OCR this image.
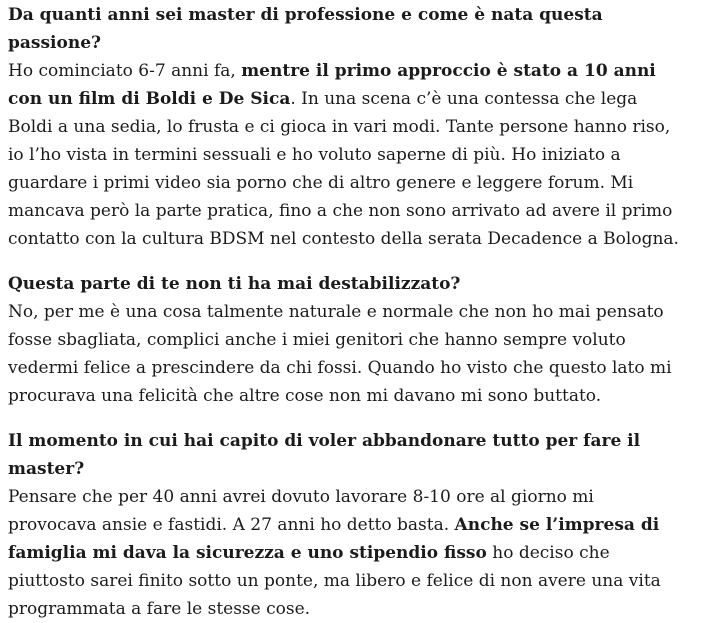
Da quanti anni sei master di professione e come è nata questa passione?

Ho cominciato 6-7 anni fa, mentre il primo approccio è stato a 10 anni con un film di Boldi e De Sica. In una scena c’è una contessa che lega Boldi a una sedia, lo frusta e ci gioca in vari modi. Tante persone hanno riso, io l’ho vista in termini sessuali e ho voluto saperne di più. Ho iniziato a guardare i primi video sia porno che di altro genere e leggere forum. Mi mancava però la parte pratica, fino a che non sono arrivato ad avere il primo contatto con la cultura BDSM nel contesto della serata Decadence a Bologna.

Questa parte di te non ti ha mai destabilizzato?

No, per me è una cosa talmente naturale e normale che non ho mai pensato fosse sbagliata, complici anche i miei genitori che hanno sempre voluto vedermi felice a prescindere da chi fossi. Quando ho visto che questo lato mi procurava una felicità che altre cose non mi davano mi sono buttato.

Il momento in cui hai capito di voler abbandonare tutto per fare il master?

Pensare che per 40 anni avrei dovuto lavorare 8-10 ore al giorno mi provocava ansie e fastidi. A 27 anni ho detto basta. Anche se l’impresa di famiglia mi dava la sicurezza e uno stipendio fisso ho deciso che piuttosto sarei finito sotto un ponte, ma libero e felice di non avere una vita programmata a fare le stesse cose.
